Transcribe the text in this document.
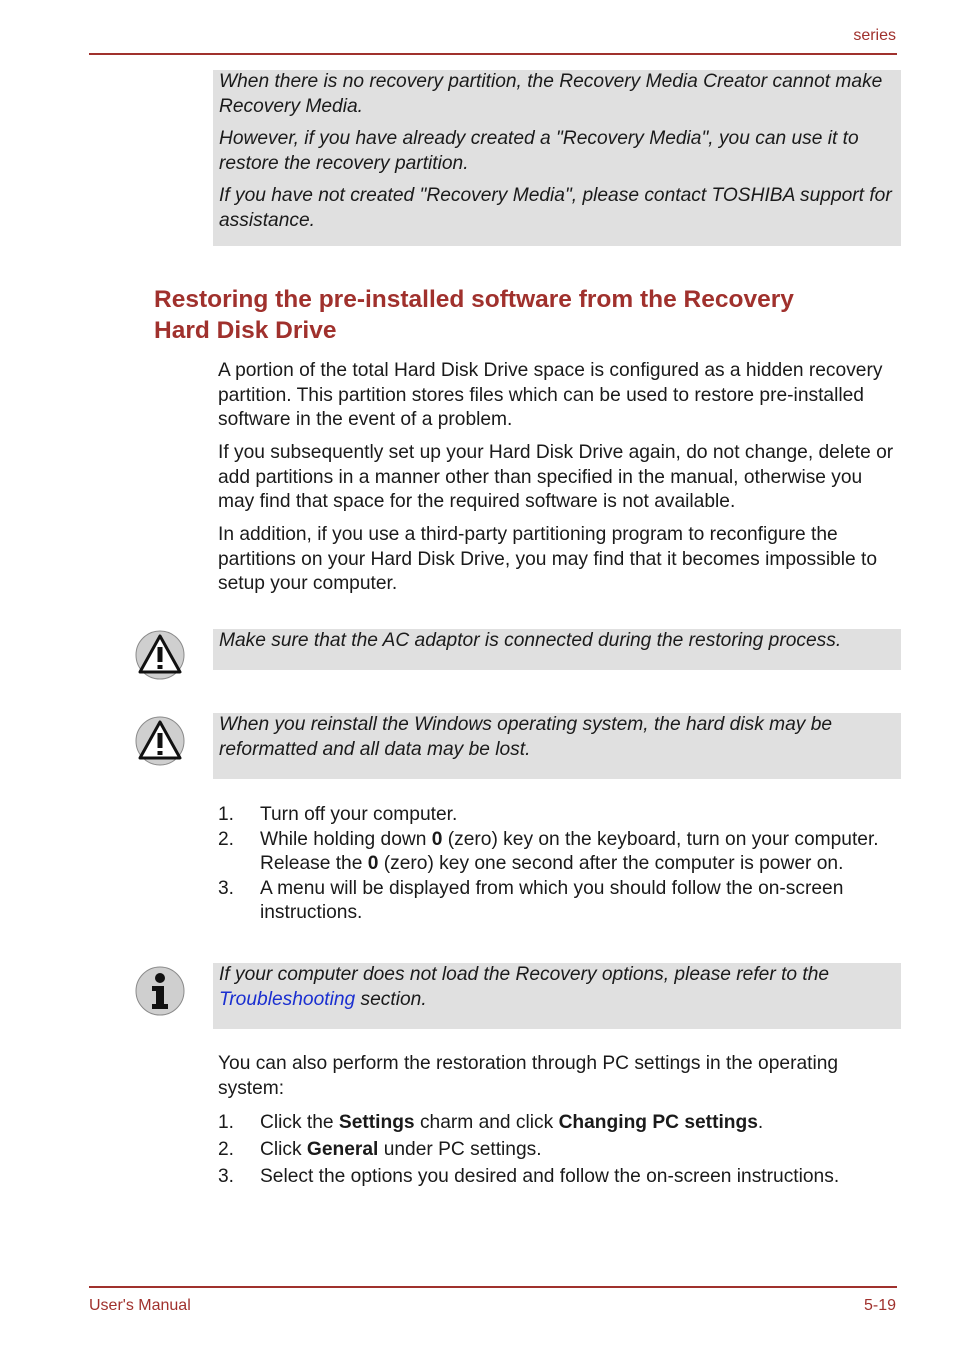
series

When there is no recovery partition, the Recovery Media Creator cannot make Recovery Media.

However, if you have already created a "Recovery Media", you can use it to restore the recovery partition.

If you have not created "Recovery Media", please contact TOSHIBA support for assistance.

Restoring the pre-installed software from the Recovery Hard Disk Drive

A portion of the total Hard Disk Drive space is configured as a hidden recovery partition. This partition stores files which can be used to restore pre-installed software in the event of a problem.

If you subsequently set up your Hard Disk Drive again, do not change, delete or add partitions in a manner other than specified in the manual, otherwise you may find that space for the required software is not available.

In addition, if you use a third-party partitioning program to reconfigure the partitions on your Hard Disk Drive, you may find that it becomes impossible to setup your computer.

Make sure that the AC adaptor is connected during the restoring process.

When you reinstall the Windows operating system, the hard disk may be reformatted and all data may be lost.

1.	Turn off your computer.
2.	While holding down 0 (zero) key on the keyboard, turn on your computer. Release the 0 (zero) key one second after the computer is power on.
3.	A menu will be displayed from which you should follow the on-screen instructions.

If your computer does not load the Recovery options, please refer to the Troubleshooting section.

You can also perform the restoration through PC settings in the operating system:

1.	Click the Settings charm and click Changing PC settings.
2.	Click General under PC settings.
3.	Select the options you desired and follow the on-screen instructions.
User's Manual	5-19
